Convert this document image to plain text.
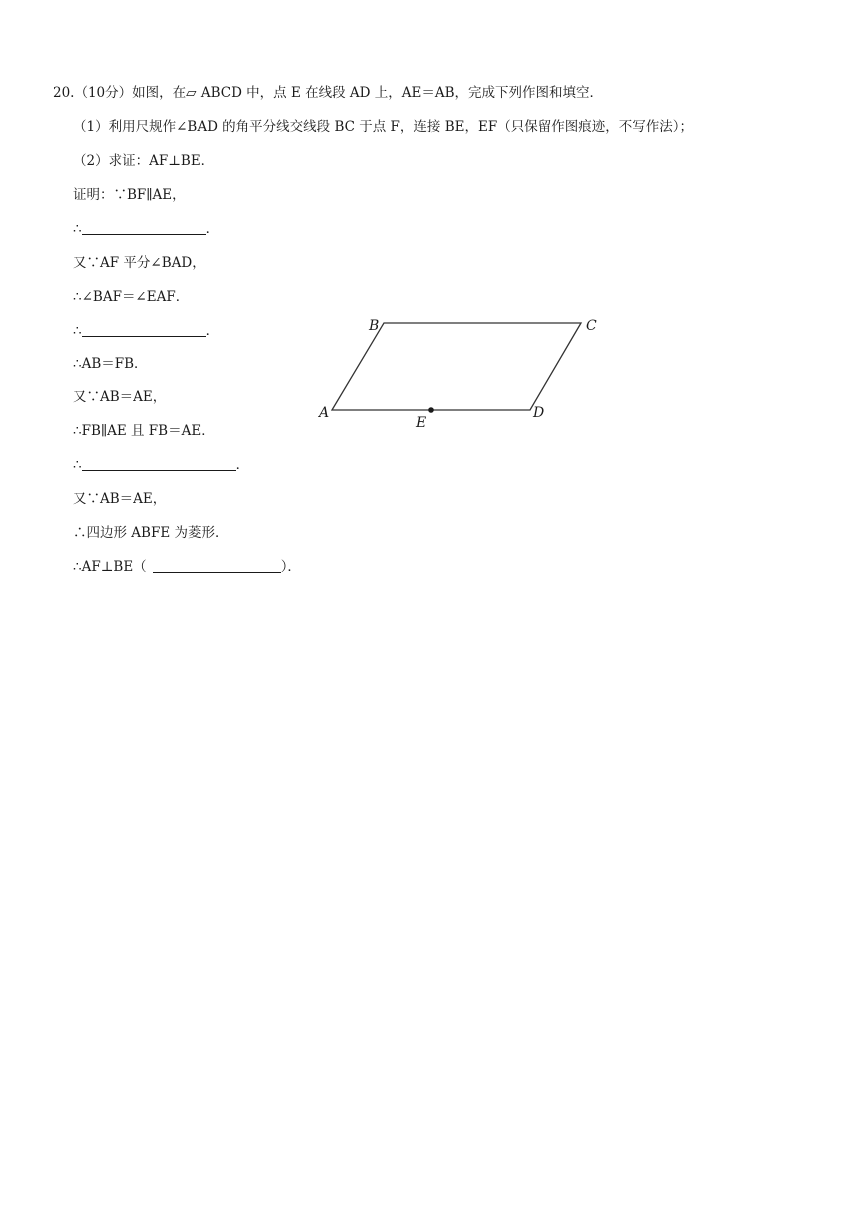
20.（10分）如图，在▱ ABCD 中，点 E 在线段 AD 上，AE＝AB，完成下列作图和填空．
（1）利用尺规作∠BAD 的角平分线交线段 BC 于点 F，连接 BE，EF（只保留作图痕迹，不写作法）；
（2）求证：AF⊥BE．
证明：∵BF∥AE，
∴	．
又∵AF 平分∠BAD，
∴∠BAF＝∠EAF．
∴	．
∴AB＝FB．
又∵AB＝AE，
∴FB∥AE 且 FB＝AE．
∴	．
又∵AB＝AE，
∴四边形 ABFE 为菱形．
∴AF⊥BE（	）．
A
B	C
D
E
